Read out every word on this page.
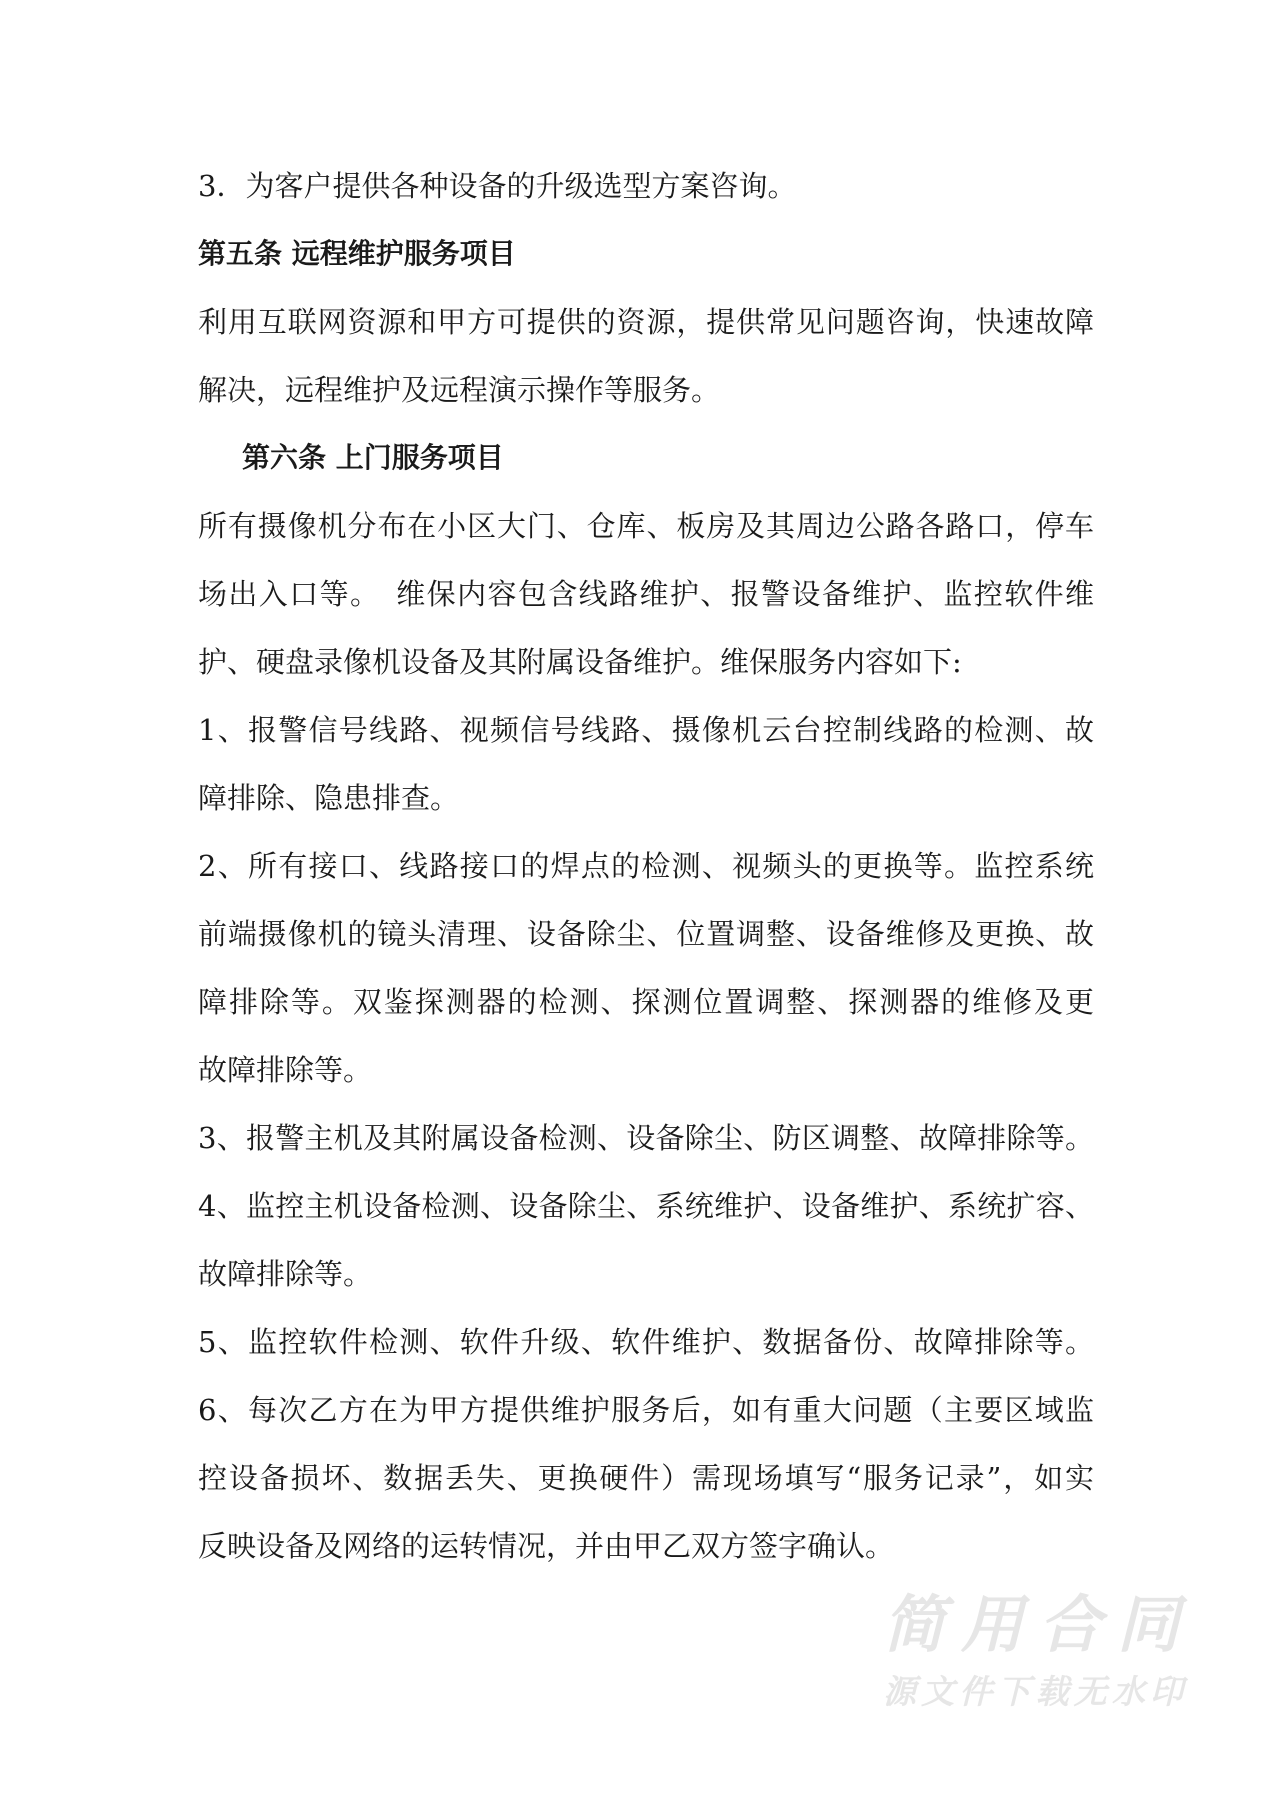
3．为客户提供各种设备的升级选型方案咨询。
第五条 远程维护服务项目
利用互联网资源和甲方可提供的资源，提供常见问题咨询，快速故障
解决，远程维护及远程演示操作等服务。
第六条 上门服务项目
所有摄像机分布在小区大门、仓库、板房及其周边公路各路口，停车
场出入口等。　维保内容包含线路维护、报警设备维护、监控软件维
护、硬盘录像机设备及其附属设备维护。维保服务内容如下:
1、报警信号线路、视频信号线路、摄像机云台控制线路的检测、故
障排除、隐患排查。
2、所有接口、线路接口的焊点的检测、视频头的更换等。监控系统
前端摄像机的镜头清理、设备除尘、位置调整、设备维修及更换、故
障排除等。双鉴探测器的检测、探测位置调整、探测器的维修及更
故障排除等。
3、报警主机及其附属设备检测、设备除尘、防区调整、故障排除等。
4、监控主机设备检测、设备除尘、系统维护、设备维护、系统扩容、
故障排除等。
5、监控软件检测、软件升级、软件维护、数据备份、故障排除等。
6、每次乙方在为甲方提供维护服务后，如有重大问题（主要区域监
控设备损坏、数据丢失、更换硬件）需现场填写“服务记录”，如实
反映设备及网络的运转情况，并由甲乙双方签字确认。
简用合同
源文件下载无水印
